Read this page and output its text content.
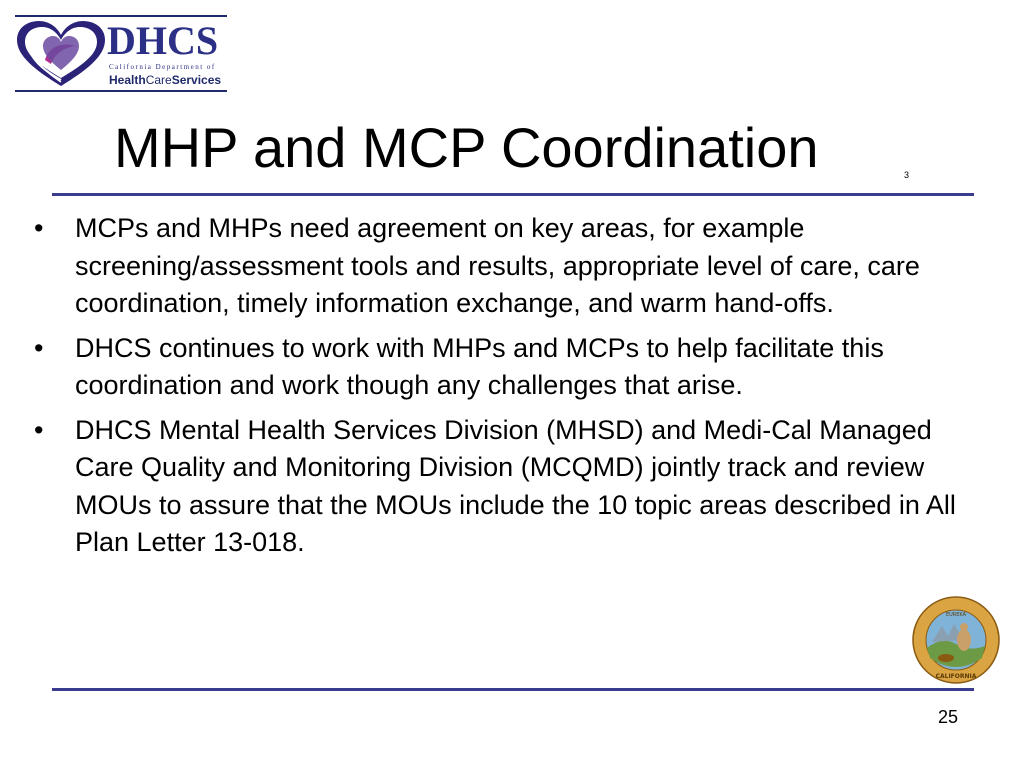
DHCS
California Department of
HealthCareServices
MHP and MCP Coordination	3
• MCPs and MHPs need agreement on key areas, for example screening/assessment tools and results, appropriate level of care, care coordination, timely information exchange, and warm hand-offs.
• DHCS continues to work with MHPs and MCPs to help facilitate this coordination and work though any challenges that arise.
• DHCS Mental Health Services Division (MHSD) and Medi-Cal Managed Care Quality and Monitoring Division (MCQMD) jointly track and review MOUs to assure that the MOUs include the 10 topic areas described in All Plan Letter 13-018.
EUREKA
CALIFORNIA
25
